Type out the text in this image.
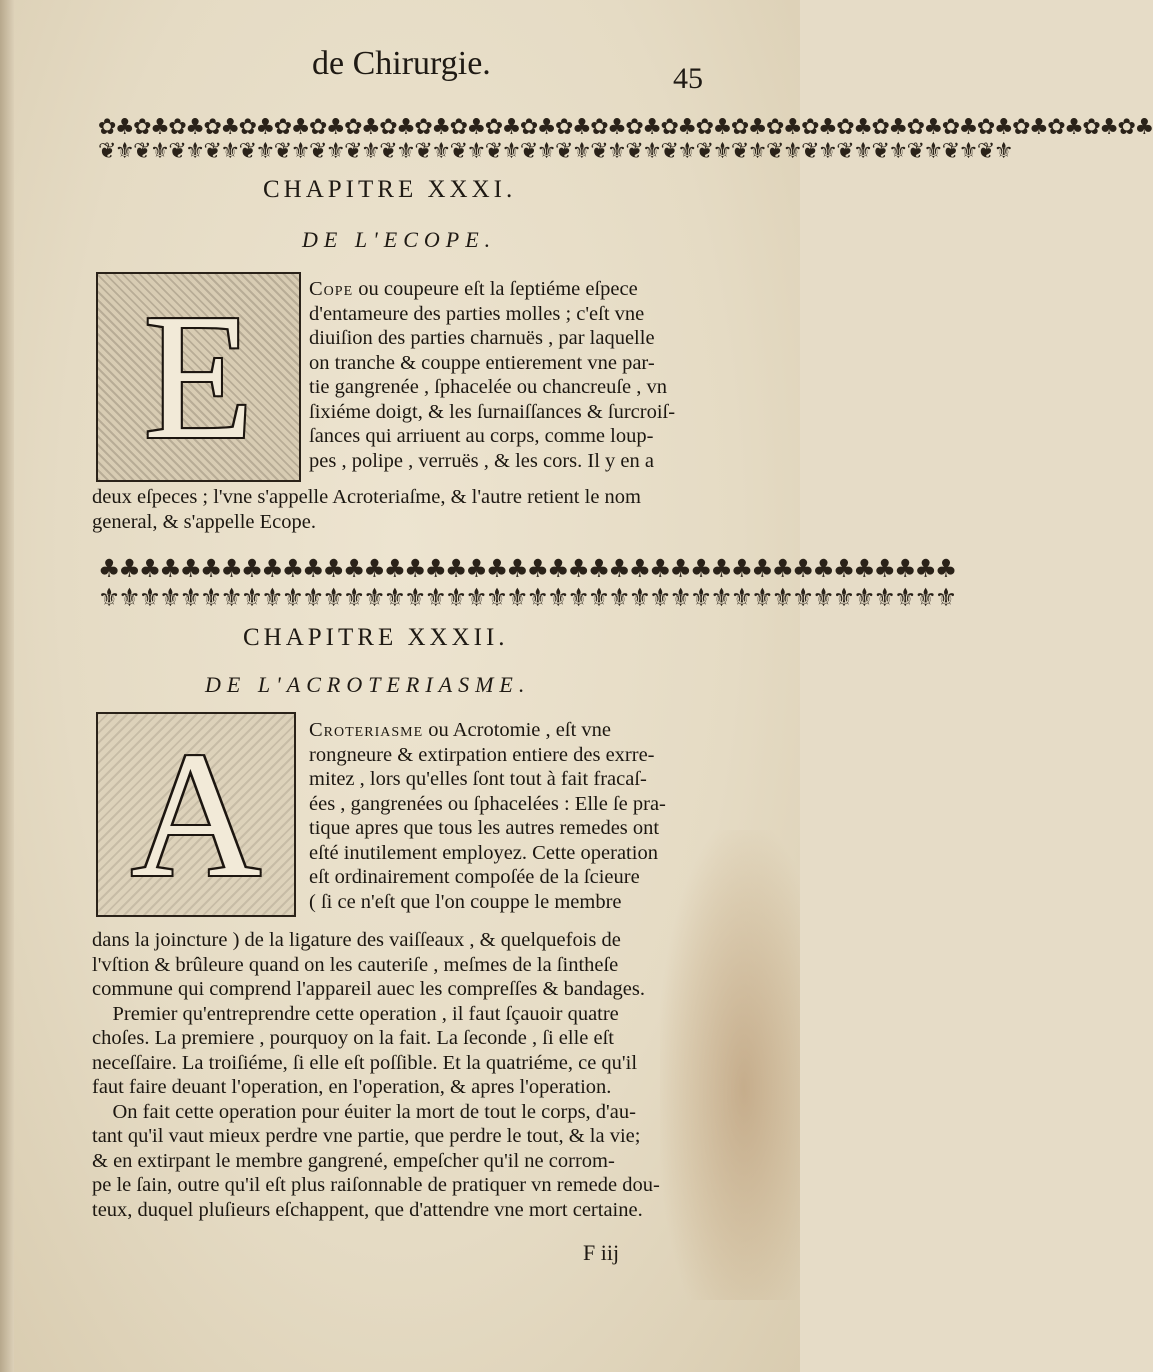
de Chirurgie.	45
✿♣✿♣✿♣✿♣✿♣✿♣✿♣✿♣✿♣✿♣✿♣✿♣✿♣✿♣✿♣✿♣✿♣✿♣✿♣✿♣✿♣✿♣✿♣✿♣✿♣✿♣✿♣✿♣✿♣✿♣
❦⚜❦⚜❦⚜❦⚜❦⚜❦⚜❦⚜❦⚜❦⚜❦⚜❦⚜❦⚜❦⚜❦⚜❦⚜❦⚜❦⚜❦⚜❦⚜❦⚜❦⚜❦⚜❦⚜❦⚜❦⚜❦⚜
CHAPITRE XXXI.
DE L'ECOPE.
E	Cope ou coupeure eſt la ſeptiéme eſpece
d'entameure des parties molles ; c'eſt vne
diuiſion des parties charnuës , par laquelle
on tranche & couppe entierement vne par-
tie gangrenée , ſphacelée ou chancreuſe , vn
ſixiéme doigt, & les ſurnaiſſances & ſurcroiſ-
ſances qui arriuent au corps, comme loup-
pes , polipe , verruës , & les cors. Il y en a
deux eſpeces ; l'vne s'appelle Acroteriaſme, & l'autre retient le nom
general, & s'appelle Ecope.
♣♣♣♣♣♣♣♣♣♣♣♣♣♣♣♣♣♣♣♣♣♣♣♣♣♣♣♣♣♣♣♣♣♣♣♣♣♣♣♣♣♣
⚜⚜⚜⚜⚜⚜⚜⚜⚜⚜⚜⚜⚜⚜⚜⚜⚜⚜⚜⚜⚜⚜⚜⚜⚜⚜⚜⚜⚜⚜⚜⚜⚜⚜⚜⚜⚜⚜⚜⚜⚜⚜
CHAPITRE XXXII.
DE L'ACROTERIASME.
A	Croteriasme ou Acrotomie , eſt vne
rongneure & extirpation entiere des exrre-
mitez , lors qu'elles ſont tout à fait fracaſ-
ées , gangrenées ou ſphacelées : Elle ſe pra-
tique apres que tous les autres remedes ont
eſté inutilement employez. Cette operation
eſt ordinairement compoſée de la ſcieure
( ſi ce n'eſt que l'on couppe le membre
dans la joincture ) de la ligature des vaiſſeaux , & quelquefois de
l'vſtion & brûleure quand on les cauteriſe , meſmes de la ſintheſe
commune qui comprend l'appareil auec les compreſſes & bandages.
Premier qu'entreprendre cette operation , il faut ſçauoir quatre
choſes. La premiere , pourquoy on la fait. La ſeconde , ſi elle eſt
neceſſaire. La troiſiéme, ſi elle eſt poſſible. Et la quatriéme, ce qu'il
faut faire deuant l'operation, en l'operation, & apres l'operation.
On fait cette operation pour éuiter la mort de tout le corps, d'au-
tant qu'il vaut mieux perdre vne partie, que perdre le tout, & la vie;
& en extirpant le membre gangrené, empeſcher qu'il ne corrom-
pe le ſain, outre qu'il eſt plus raiſonnable de pratiquer vn remede dou-
teux, duquel pluſieurs eſchappent, que d'attendre vne mort certaine.
F iij
